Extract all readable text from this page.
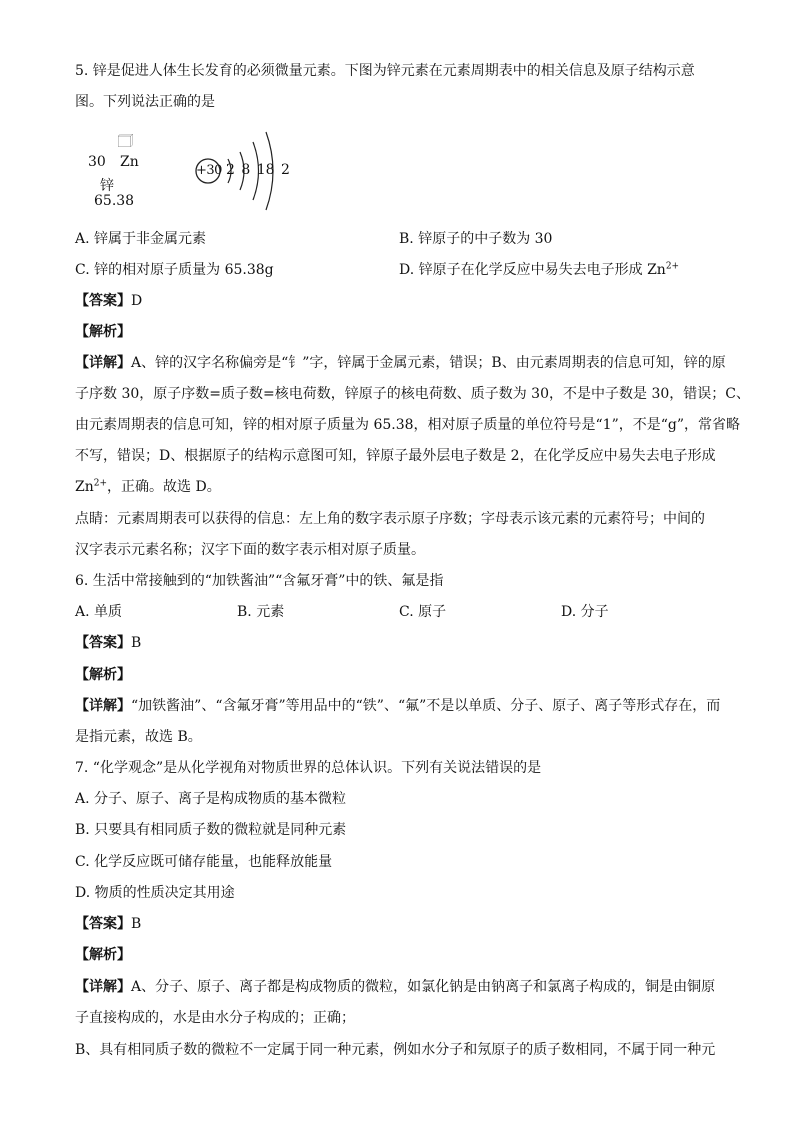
5. 锌是促进人体生长发育的必须微量元素。下图为锌元素在元素周期表中的相关信息及原子结构示意
图。下列说法正确的是
30 Zn
锌
65.38
+30 2 8 18 2
A. 锌属于非金属元素	B. 锌原子的中子数为 30
C. 锌的相对原子质量为 65.38g	D. 锌原子在化学反应中易失去电子形成 $Zn^{2+}$
【答案】D
【解析】
【详解】A、锌的汉字名称偏旁是“钅”字，锌属于金属元素，错误；B、由元素周期表的信息可知，锌的原
子序数 30，原子序数=质子数=核电荷数，锌原子的核电荷数、质子数为 30，不是中子数是 30，错误；C、
由元素周期表的信息可知，锌的相对原子质量为 65.38，相对原子质量的单位符号是“1”，不是“g”，常省略
不写，错误；D、根据原子的结构示意图可知，锌原子最外层电子数是 2，在化学反应中易失去电子形成
$Zn^{2+}$，正确。故选 D。
点睛：元素周期表可以获得的信息：左上角的数字表示原子序数；字母表示该元素的元素符号；中间的
汉字表示元素名称；汉字下面的数字表示相对原子质量。
6. 生活中常接触到的“加铁酱油”“含氟牙膏”中的铁、氟是指
A. 单质	B. 元素	C. 原子	D. 分子
【答案】B
【解析】
【详解】“加铁酱油”、“含氟牙膏”等用品中的“铁”、“氟”不是以单质、分子、原子、离子等形式存在，而
是指元素，故选 B。
7. “化学观念”是从化学视角对物质世界的总体认识。下列有关说法错误的是
A. 分子、原子、离子是构成物质的基本微粒
B. 只要具有相同质子数的微粒就是同种元素
C. 化学反应既可储存能量，也能释放能量
D. 物质的性质决定其用途
【答案】B
【解析】
【详解】A、分子、原子、离子都是构成物质的微粒，如氯化钠是由钠离子和氯离子构成的，铜是由铜原
子直接构成的，水是由水分子构成的；正确；
B、具有相同质子数的微粒不一定属于同一种元素，例如水分子和氖原子的质子数相同，不属于同一种元
